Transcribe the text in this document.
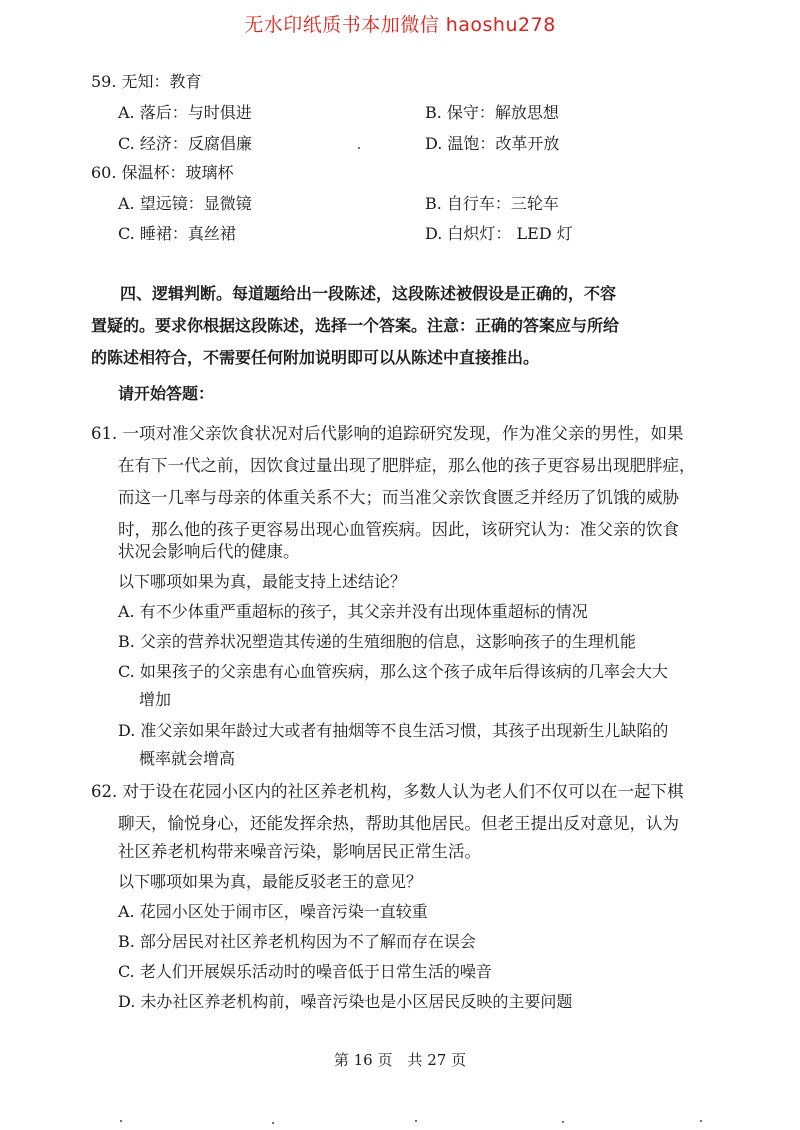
无水印纸质书本加微信 haoshu278
59. 无知：教育
A. 落后：与时俱进	B. 保守：解放思想
C. 经济：反腐倡廉	D. 温饱：改革开放
60. 保温杯：玻璃杯
A. 望远镜：显微镜	B. 自行车：三轮车
C. 睡裙：真丝裙	D. 白炽灯： LED 灯
四、逻辑判断。每道题给出一段陈述，这段陈述被假设是正确的，不容
置疑的。要求你根据这段陈述，选择一个答案。注意：正确的答案应与所给
的陈述相符合，不需要任何附加说明即可以从陈述中直接推出。
请开始答题：
61. 一项对准父亲饮食状况对后代影响的追踪研究发现，作为准父亲的男性，如果
在有下一代之前，因饮食过量出现了肥胖症，那么他的孩子更容易出现肥胖症，
而这一几率与母亲的体重关系不大；而当准父亲饮食匮乏并经历了饥饿的威胁
时，那么他的孩子更容易出现心血管疾病。因此，该研究认为：准父亲的饮食
状况会影响后代的健康。
以下哪项如果为真，最能支持上述结论？
A. 有不少体重严重超标的孩子，其父亲并没有出现体重超标的情况
B. 父亲的营养状况塑造其传递的生殖细胞的信息，这影响孩子的生理机能
C. 如果孩子的父亲患有心血管疾病，那么这个孩子成年后得该病的几率会大大
增加
D. 准父亲如果年龄过大或者有抽烟等不良生活习惯，其孩子出现新生儿缺陷的
概率就会增高
62. 对于设在花园小区内的社区养老机构，多数人认为老人们不仅可以在一起下棋
聊天，愉悦身心，还能发挥余热，帮助其他居民。但老王提出反对意见，认为
社区养老机构带来噪音污染，影响居民正常生活。
以下哪项如果为真，最能反驳老王的意见？
A. 花园小区处于闹市区，噪音污染一直较重
B. 部分居民对社区养老机构因为不了解而存在误会
C. 老人们开展娱乐活动时的噪音低于日常生活的噪音
D. 未办社区养老机构前，噪音污染也是小区居民反映的主要问题
第 16 页　共 27 页
